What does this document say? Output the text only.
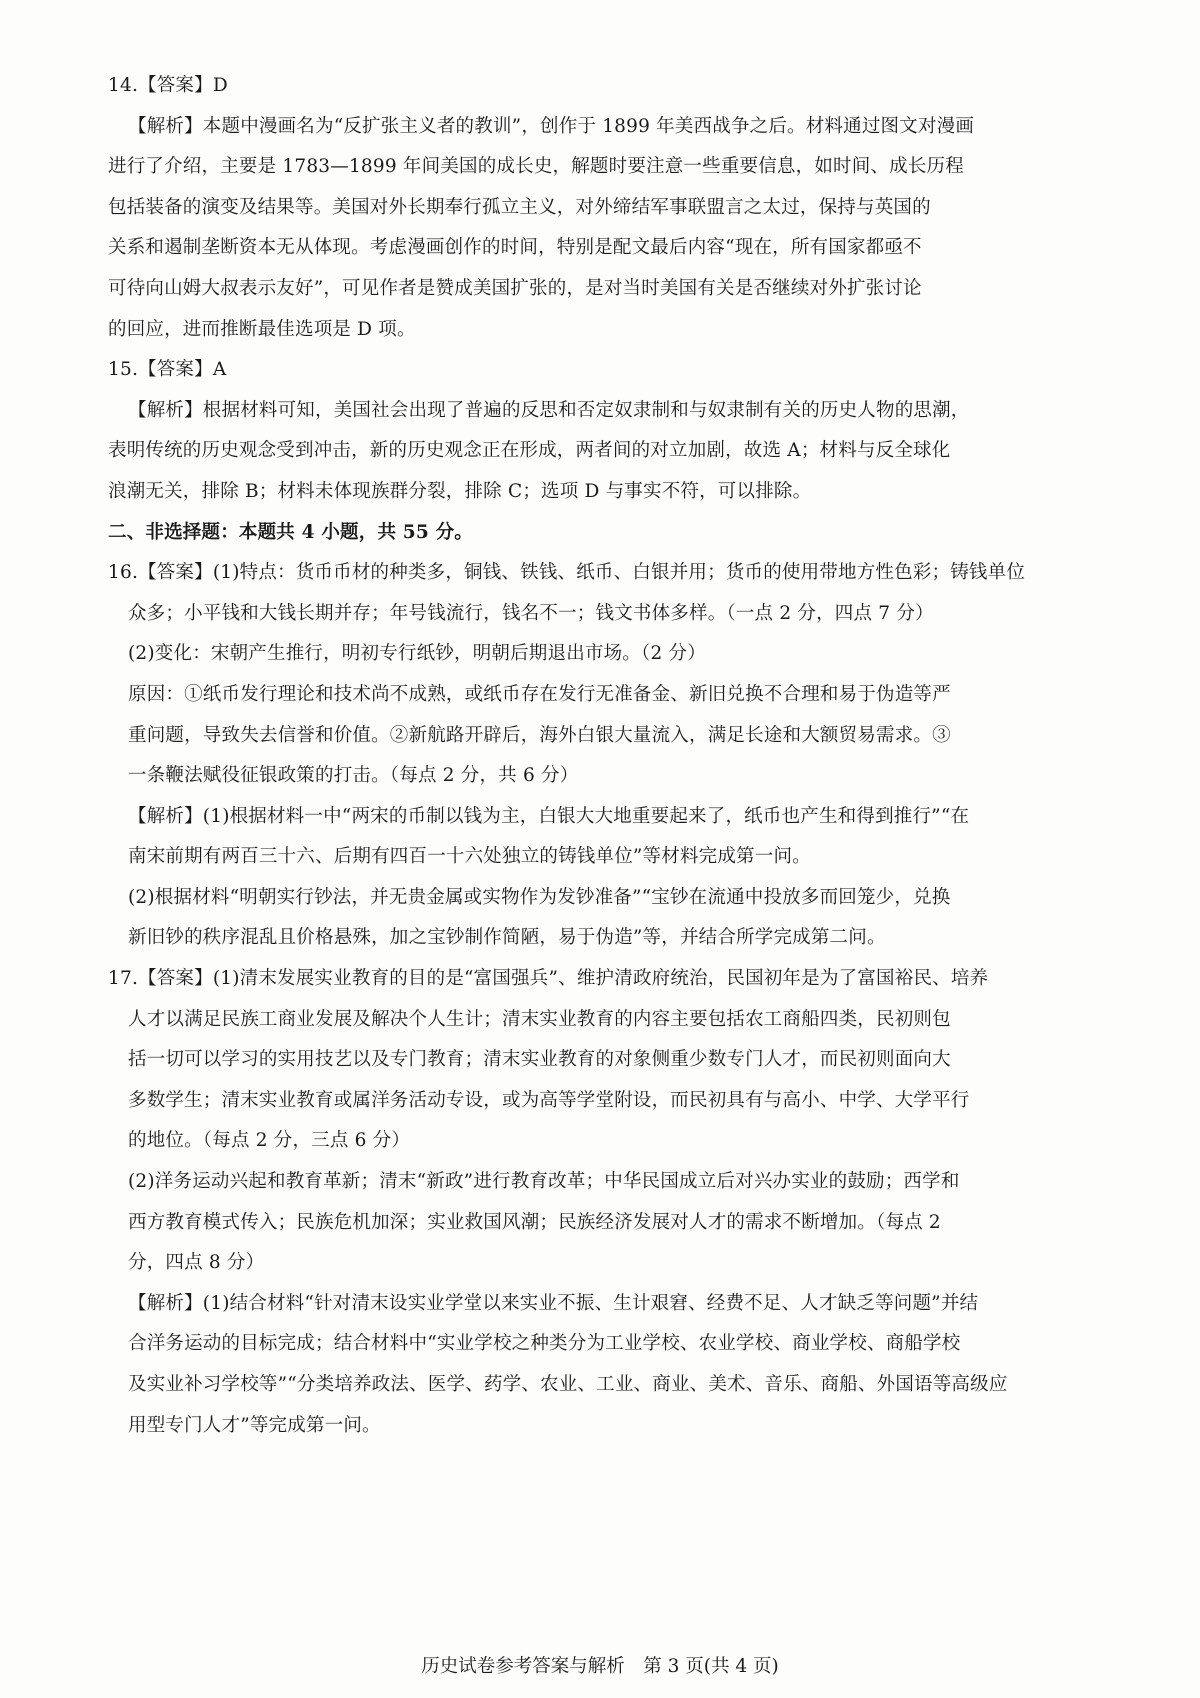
14.【答案】D
【解析】本题中漫画名为“反扩张主义者的教训”，创作于 1899 年美西战争之后。材料通过图文对漫画
进行了介绍，主要是 1783—1899 年间美国的成长史，解题时要注意一些重要信息，如时间、成长历程
包括装备的演变及结果等。美国对外长期奉行孤立主义，对外缔结军事联盟言之太过，保持与英国的
关系和遏制垄断资本无从体现。考虑漫画创作的时间，特别是配文最后内容“现在，所有国家都亟不
可待向山姆大叔表示友好”，可见作者是赞成美国扩张的，是对当时美国有关是否继续对外扩张讨论
的回应，进而推断最佳选项是 D 项。
15.【答案】A
【解析】根据材料可知，美国社会出现了普遍的反思和否定奴隶制和与奴隶制有关的历史人物的思潮，
表明传统的历史观念受到冲击，新的历史观念正在形成，两者间的对立加剧，故选 A；材料与反全球化
浪潮无关，排除 B；材料未体现族群分裂，排除 C；选项 D 与事实不符，可以排除。
二、非选择题：本题共 4 小题，共 55 分。
16.【答案】(1)特点：货币币材的种类多，铜钱、铁钱、纸币、白银并用；货币的使用带地方性色彩；铸钱单位
众多；小平钱和大钱长期并存；年号钱流行，钱名不一；钱文书体多样。（一点 2 分，四点 7 分）
(2)变化：宋朝产生推行，明初专行纸钞，明朝后期退出市场。（2 分）
原因：①纸币发行理论和技术尚不成熟，或纸币存在发行无准备金、新旧兑换不合理和易于伪造等严
重问题，导致失去信誉和价值。②新航路开辟后，海外白银大量流入，满足长途和大额贸易需求。③
一条鞭法赋役征银政策的打击。（每点 2 分，共 6 分）
【解析】(1)根据材料一中“两宋的币制以钱为主，白银大大地重要起来了，纸币也产生和得到推行”“在
南宋前期有两百三十六、后期有四百一十六处独立的铸钱单位”等材料完成第一问。
(2)根据材料“明朝实行钞法，并无贵金属或实物作为发钞准备”“宝钞在流通中投放多而回笼少，兑换
新旧钞的秩序混乱且价格悬殊，加之宝钞制作简陋，易于伪造”等，并结合所学完成第二问。
17.【答案】(1)清末发展实业教育的目的是“富国强兵”、维护清政府统治，民国初年是为了富国裕民、培养
人才以满足民族工商业发展及解决个人生计；清末实业教育的内容主要包括农工商船四类，民初则包
括一切可以学习的实用技艺以及专门教育；清末实业教育的对象侧重少数专门人才，而民初则面向大
多数学生；清末实业教育或属洋务活动专设，或为高等学堂附设，而民初具有与高小、中学、大学平行
的地位。（每点 2 分，三点 6 分）
(2)洋务运动兴起和教育革新；清末“新政”进行教育改革；中华民国成立后对兴办实业的鼓励；西学和
西方教育模式传入；民族危机加深；实业救国风潮；民族经济发展对人才的需求不断增加。（每点 2
分，四点 8 分）
【解析】(1)结合材料“针对清末设实业学堂以来实业不振、生计艰窘、经费不足、人才缺乏等问题”并结
合洋务运动的目标完成；结合材料中“实业学校之种类分为工业学校、农业学校、商业学校、商船学校
及实业补习学校等”“分类培养政法、医学、药学、农业、工业、商业、美术、音乐、商船、外国语等高级应
用型专门人才”等完成第一问。
历史试卷参考答案与解析　第 3 页(共 4 页)
